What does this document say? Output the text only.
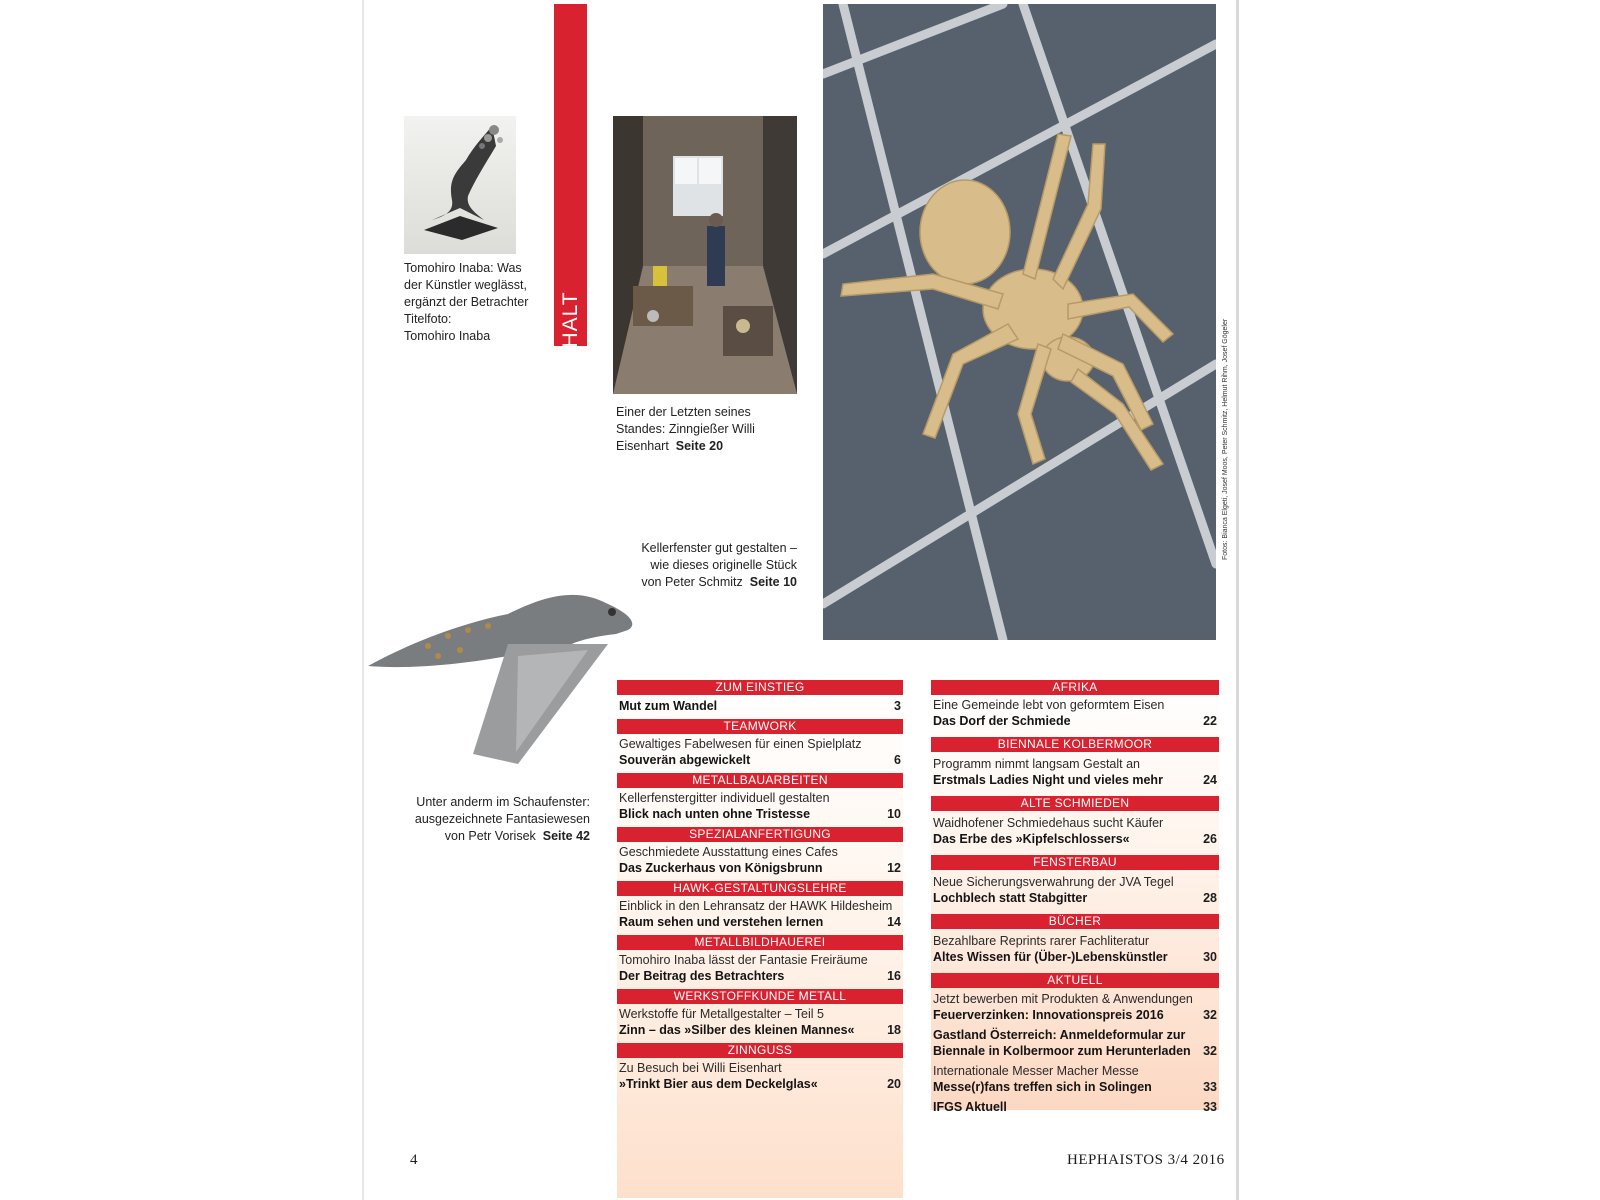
INHALT
Tomohiro Inaba: Was
der Künstler weglässt,
ergänzt der Betrachter
Titelfoto:
Tomohiro Inaba
Einer der Letzten seines
Standes: Zinngießer Willi
Eisenhart Seite 20	Fotos: Bianca Elgeti, Josef Moos, Peter Schmitz, Helmut Rihm, Josef Gögeler
Kellerfenster gut gestalten –
wie dieses originelle Stück
von Peter Schmitz Seite 10
Unter anderm im Schaufenster:
ausgezeichnete Fantasiewesen
von Petr Vorisek Seite 42
ZUM EINSTIEG
Mut zum Wandel	3
TEAMWORK
Gewaltiges Fabelwesen für einen Spielplatz
Souverän abgewickelt	6
METALLBAUARBEITEN
Kellerfenstergitter individuell gestalten
Blick nach unten ohne Tristesse	10
SPEZIALANFERTIGUNG
Geschmiedete Ausstattung eines Cafes
Das Zuckerhaus von Königsbrunn	12
HAWK-GESTALTUNGSLEHRE
Einblick in den Lehransatz der HAWK Hildesheim
Raum sehen und verstehen lernen	14
METALLBILDHAUEREI
Tomohiro Inaba lässt der Fantasie Freiräume
Der Beitrag des Betrachters	16
WERKSTOFFKUNDE METALL
Werkstoffe für Metallgestalter – Teil 5
Zinn – das »Silber des kleinen Mannes«	18
ZINNGUSS
Zu Besuch bei Willi Eisenhart
»Trinkt Bier aus dem Deckelglas«	20
AFRIKA
Eine Gemeinde lebt von geformtem Eisen
Das Dorf der Schmiede	22
BIENNALE KOLBERMOOR
Programm nimmt langsam Gestalt an
Erstmals Ladies Night und vieles mehr	24
ALTE SCHMIEDEN
Waidhofener Schmiedehaus sucht Käufer
Das Erbe des »Kipfelschlossers«	26
FENSTERBAU
Neue Sicherungsverwahrung der JVA Tegel
Lochblech statt Stabgitter	28
BÜCHER
Bezahlbare Reprints rarer Fachliteratur
Altes Wissen für (Über-)Lebenskünstler	30
AKTUELL
Jetzt bewerben mit Produkten & Anwendungen
Feuerverzinken: Innovationspreis 2016	32
Gastland Österreich: Anmeldeformular zur
Biennale in Kolbermoor zum Herunterladen 32
Internationale Messer Macher Messe
Messe(r)fans treffen sich in Solingen	33
IFGS Aktuell	33
4	HEPHAISTOS 3/4 2016
